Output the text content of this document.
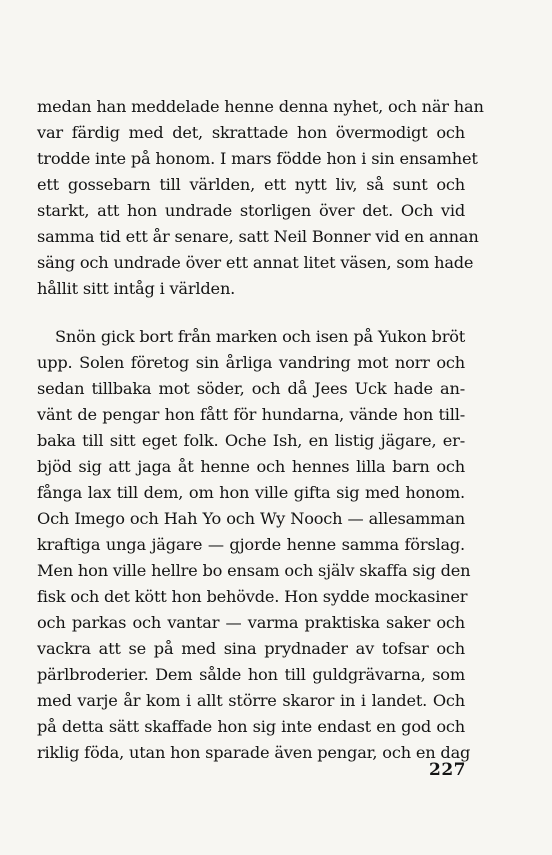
medan han meddelade henne denna nyhet, och när han
var färdig med det, skrattade hon övermodigt och
trodde inte på honom. I mars födde hon i sin ensamhet
ett gossebarn till världen, ett nytt liv, så sunt och
starkt, att hon undrade storligen över det. Och vid
samma tid ett år senare, satt Neil Bonner vid en annan
säng och undrade över ett annat litet väsen, som hade
hållit sitt intåg i världen.
Snön gick bort från marken och isen på Yukon bröt
upp. Solen företog sin årliga vandring mot norr och
sedan tillbaka mot söder, och då Jees Uck hade an-
vänt de pengar hon fått för hundarna, vände hon till-
baka till sitt eget folk. Oche Ish, en listig jägare, er-
bjöd sig att jaga åt henne och hennes lilla barn och
fånga lax till dem, om hon ville gifta sig med honom.
Och Imego och Hah Yo och Wy Nooch — allesamman
kraftiga unga jägare — gjorde henne samma förslag.
Men hon ville hellre bo ensam och själv skaffa sig den
fisk och det kött hon behövde. Hon sydde mockasiner
och parkas och vantar — varma praktiska saker och
vackra att se på med sina prydnader av tofsar och
pärlbroderier. Dem sålde hon till guldgrävarna, som
med varje år kom i allt större skaror in i landet. Och
på detta sätt skaffade hon sig inte endast en god och
riklig föda, utan hon sparade även pengar, och en dag
227
